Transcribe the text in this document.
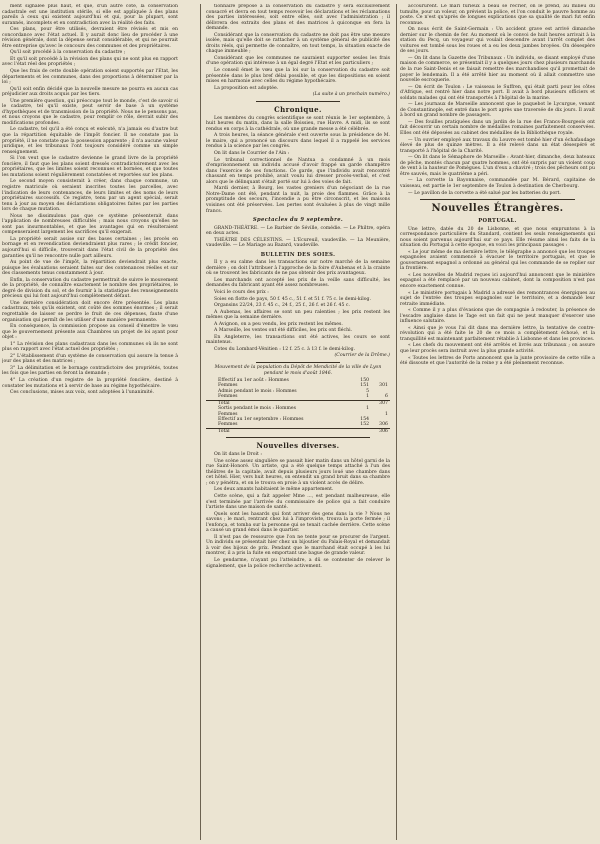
ment signalée plus haut, et que, d'un autre côté, la conservation cadastrale est une institution stérile, si elle est appliquée à des plans pareils à ceux qui existent aujourd'hui et qui, pour la plupart, sont surannés, incomplets et en contradiction avec la réalité des faits.

Ces plans, pour être utilisés, devraient être révisés et mis en concordance avec l'état actuel. Il y aurait donc lieu de procéder à une révision générale, dont la dépense serait considérable, et qui ne pourrait être entreprise qu'avec le concours des communes et des propriétaires.

Qu'il soit procédé à la conservation du cadastre ;

Et qu'il soit procédé à la révision des plans qui ne sont plus en rapport avec l'état réel des propriétés ;

Que les frais de cette double opération soient supportés par l'Etat, les départements et les communes, dans des proportions à déterminer par la loi ;

Qu'il soit enfin décidé que la nouvelle mesure ne pourra en aucun cas préjudicier aux droits acquis par les tiers.

Une première question, qui préoccupe tout le monde, c'est de savoir si le cadastre, tel qu'il existe, peut servir de base à un système d'hypothèques et de transmission de la propriété. Nous ne le pensons pas, et nous croyons que le cadastre, pour remplir ce rôle, devrait subir des modifications profondes.

Le cadastre, tel qu'il a été conçu et exécuté, n'a jamais eu d'autre but que la répartition équitable de l'impôt foncier. Il ne constate pas la propriété, il ne constate que la possession apparente ; il n'a aucune valeur juridique, et les tribunaux l'ont toujours considéré comme un simple renseignement.

Si l'on veut que le cadastre devienne le grand livre de la propriété foncière, il faut que les plans soient dressés contradictoirement avec les propriétaires, que les limites soient reconnues et bornées, et que toutes les mutations soient régulièrement constatées et reportées sur les plans.

Le second moyen consisterait à créer, dans chaque commune, un registre matricule où seraient inscrites toutes les parcelles, avec l'indication de leurs contenances, de leurs limites et des noms de leurs propriétaires successifs. Ce registre, tenu par un agent spécial, serait tenu à jour au moyen des déclarations obligatoires faites par les parties lors de chaque mutation.

Nous ne dissimulons pas que ce système présenterait dans l'application de nombreuses difficultés ; mais nous croyons qu'elles ne sont pas insurmontables, et que les avantages qui en résulteraient compenseraient largement les sacrifices qu'il exigerait.

La propriété serait assise sur des bases certaines ; les procès en bornage et en revendication deviendraient plus rares ; le crédit foncier, aujourd'hui si difficile, trouverait dans l'état civil de la propriété des garanties qu'il ne rencontre nulle part ailleurs.

Au point de vue de l'impôt, la répartition deviendrait plus exacte, puisque les évaluations seraient faites sur des contenances réelles et sur des classements tenus constamment à jour.

Enfin, la conservation du cadastre permettrait de suivre le mouvement de la propriété, de connaître exactement le nombre des propriétaires, le degré de division du sol, et de fournir à la statistique des renseignements précieux qui lui font aujourd'hui complètement défaut.

Une dernière considération doit encore être présentée. Les plans cadastraux, tels qu'ils existent, ont coûté des sommes énormes ; il serait regrettable de laisser se perdre le fruit de ces dépenses, faute d'une organisation qui permît de les utiliser d'une manière permanente.

En conséquence, la commission propose au conseil d'émettre le vœu que le gouvernement présente aux Chambres un projet de loi ayant pour objet :

1° La révision des plans cadastraux dans les communes où ils ne sont plus en rapport avec l'état actuel des propriétés ;

2° L'établissement d'un système de conservation qui assure la tenue à jour des plans et des matrices ;

3° La délimitation et le bornage contradictoire des propriétés, toutes les fois que les parties en feront la demande ;

4° La création d'un registre de la propriété foncière, destiné à constater les mutations et à servir de base au régime hypothécaire.

Ces conclusions, mises aux voix, sont adoptées à l'unanimité.

tionnaire préposé à la conservation du cadastre y sera exclusivement consacré et devra en tout temps recevoir les déclarations et les réclamations des parties intéressées, soit entre elles, soit avec l'administration ; il délivrera des extraits des plans et des matrices à quiconque en fera la demande.

Considérant que la conservation du cadastre ne doit pas être une mesure isolée, mais qu'elle doit se rattacher à un système général de publicité des droits réels, qui permette de connaître, en tout temps, la situation exacte de chaque immeuble ;

Considérant que les communes ne sauraient supporter seules les frais d'une opération qui intéresse à un égal degré l'Etat et les particuliers ;

Le conseil émet le vœu que la loi sur la conservation du cadastre soit présentée dans le plus bref délai possible, et que les dispositions en soient mises en harmonie avec celles du régime hypothécaire.

La proposition est adoptée.

(La suite à un prochain numéro.)
Chronique.

Les membres du congrès scientifique se sont réunis le 1er septembre, à huit heures du matin, dans la salle Boissieu, rue Havre. A midi, ils se sont rendus en corps à la cathédrale, où une grande messe a été célébrée.

A trois heures, la séance générale s'est ouverte sous la présidence de M. le maire, qui a prononcé un discours dans lequel il a rappelé les services rendus à la science par les congrès.

On lit dans le Courrier de l'Ain :

Le tribunal correctionnel de Nantua a condamné à un mois d'emprisonnement un individu accusé d'avoir frappé un garde champêtre dans l'exercice de ses fonctions. Ce garde, que l'individu avait rencontré chassant en temps prohibé, avait voulu lui dresser procès-verbal, et c'est alors que le délinquant s'était porté sur lui à des voies de fait.

Mardi dernier, à Bourg, les vastes greniers d'un négociant de la rue Notre-Dame ont été, pendant la nuit, la proie des flammes. Grâce à la promptitude des secours, l'incendie a pu être circonscrit, et les maisons voisines ont été préservées. Les pertes sont évaluées à plus de vingt mille francs.

Spectacles du 9 septembre.

GRAND-THÉÂTRE. — Le Barbier de Séville, comédie. — Le Philtre, opéra en deux actes.

THÉÂTRE DES CÉLESTINS. — L'Ecureuil, vaudeville. — La Meunière, vaudeville. — Le Mariage au Bazard, vaudeville.

BULLETIN DES SOIES.

Il y a eu calme dans les transactions sur notre marché de la semaine dernière ; on doit l'attribuer à l'approche de la foire d'Aubenas et à la crainte où se trouvent les fabricants de ne pas obtenir des prix avantageux.

Les marchands ont accepté les prix de la veille sans difficulté, les demandes du fabricant ayant été assez nombreuses.

Voici le cours des prix :

Soies en flotte de pays, 50 f. 45 c., 51 f. et 51 f. 75 c. le demi-kilog.

Organsins 22/24, 23 f. 45 c., 24 f., 25 f., 26 f. et 26 f. 45 c.

A Aubenas, les affaires se sont un peu ralenties ; les prix restent les mêmes que la semaine dernière.

A Avignon, on a peu vendu, les prix restent les mêmes.

A Marseille, les ventes ont été difficiles, les prix ont fléchi.

En Angleterre, les transactions ont été actives, les cours se sont maintenus.

Cotes du Lombard-Vénitien : 12 f. 25 c. à 13 f. le demi-kilog.

(Courrier de la Drôme.)
Mouvement de la population du Dépôt de Mendicité de la ville de Lyon pendant le mois d'août 1846.
Effectif au 1er août : Hommes	150	
Femmes	151	301
Admis pendant le mois : Hommes	5	
Femmes	1	6
Total		307
Sortis pendant le mois : Hommes	1	
Femmes		1
Effectif au 1er septembre : Hommes	154	
Femmes	152	306
Total		306
Nouvelles diverses.

On lit dans le Droit :

Une scène assez singulière se passait hier matin dans un hôtel garni de la rue Saint-Honoré. Un artiste, qui a été quelque temps attaché à l'un des théâtres de la capitale, avait depuis plusieurs jours loué une chambre dans cet hôtel. Hier, vers huit heures, on entendit un grand bruit dans sa chambre ; on y pénétra, et on le trouva en proie à un violent accès de délire.

Les deux amants habitaient le même appartement.

Cette scène, qui a fait appeler Mme ..., est pendant malheureuse, elle s'est terminée par l'arrivée du commissaire de police qui a fait conduire l'artiste dans une maison de santé.

Quels sont les hasards qui font arriver des gens dans la vie ? Nous ne savons ; le mari, rentrant chez lui à l'improviste, trouva la porte fermée ; il l'enfonça, et tomba sur la personne qui se tenait cachée derrière. Cette scène a causé un grand émoi dans le quartier.

Il n'est pas de ressource que l'on ne tente pour se procurer de l'argent. Un individu se présentait hier chez un bijoutier du Palais-Royal et demandait à voir des bijoux de prix. Pendant que le marchand était occupé à les lui montrer, il a pris la fuite en emportant une bague de grande valeur.

Le gendarme, n'ayant pu l'atteindre, a dû se contenter de relever le signalement, que la police recherche activement.

accoururent. Le mari furieux a beau se récrier, on le prend, au milieu du tumulte, pour un voleur, on prévient la police, et l'on conduit le pauvre homme au poste. Ce n'est qu'après de longues explications que sa qualité de mari fut enfin reconnue.

On nous écrit de Saint-Germain : Un accident grave est arrivé dimanche dernier sur le chemin de fer. Au moment où le convoi de huit heures arrivait à la station du Pecq, un voyageur qui voulait descendre avant l'arrêt complet des voitures est tombé sous les roues et a eu les deux jambes broyées. On désespère de ses jours.

— On lit dans la Gazette des Tribunaux : Un individu, se disant employé d'une maison de commerce, se présentait il y a quelques jours chez plusieurs marchands de la rue Saint-Denis et se faisait remettre des marchandises qu'il promettait de payer le lendemain. Il a été arrêté hier au moment où il allait commettre une nouvelle escroquerie.

— On écrit de Toulon : Le vaisseau le Suffren, qui était parti pour les côtes d'Afrique, est rentré hier dans notre port. Il avait à bord plusieurs officiers et soldats malades qui ont été transportés à l'hôpital de la marine.

— Les journaux de Marseille annoncent que le paquebot le Lycurgue, venant de Constantinople, est entré dans le port après une traversée de dix jours. Il avait à bord un grand nombre de passagers.

— Des fouilles pratiquées dans un jardin de la rue des Francs-Bourgeois ont fait découvrir un certain nombre de médailles romaines parfaitement conservées. Elles ont été déposées au cabinet des médailles de la Bibliothèque royale.

— Un ouvrier employé aux travaux du Louvre est tombé hier d'un échafaudage élevé de plus de quinze mètres. Il a été relevé dans un état désespéré et transporté à l'hôpital de la Charité.

— On lit dans le Sémaphore de Marseille : Avant-hier, dimanche, deux bateaux de pêche, montés chacun par quatre hommes, ont été surpris par un violent coup de vent à la hauteur de Pomègues. L'un d'eux a chaviré ; trois des pêcheurs ont pu être sauvés, mais le quatrième a péri.

— La corvette la Bayonnaise, commandée par M. Bérard, capitaine de vaisseau, est partie le 1er septembre de Toulon à destination de Cherbourg.

— Le pavillon de la corvette a été salué par les batteries du port.

Nouvelles Étrangères.
PORTUGAL.

Une lettre, datée du 20 de Lisbonne, et que nous empruntons à la correspondance particulière du Standard, contient les seuls renseignements qui nous soient parvenus aujourd'hui sur ce pays. Elle résume ainsi les faits de la situation du Portugal à cette époque, en voici les principaux passages :

« Le jour même de ma dernière lettre, le télégraphe a annoncé que les troupes espagnoles avaient commencé à évacuer le territoire portugais, et que le gouvernement espagnol a ordonné au général qui les commande de se replier sur la frontière.

« Les nouvelles de Madrid reçues ici aujourd'hui annoncent que le ministère espagnol a été remplacé par un nouveau cabinet, dont la composition n'est pas encore exactement connue.

« Le ministère portugais à Madrid a adressé des remontrances énergiques au sujet de l'entrée des troupes espagnoles sur le territoire, et a demandé leur retraite immédiate.

« Comme il y a plus d'évasions que de compagnie à redouter, la présence de l'escadre anglaise dans le Tage est un fait qui ne peut manquer d'exercer une influence salutaire.

« Ainsi que je vous l'ai dit dans ma dernière lettre, la tentative de contre-révolution qui a été faite le 20 de ce mois a complètement échoué, et la tranquillité est maintenant parfaitement rétablie à Lisbonne et dans les provinces.

« Les chefs du mouvement ont été arrêtés et livrés aux tribunaux ; on assure que leur procès sera instruit avec la plus grande activité.

« Toutes les lettres de Porto annoncent que la junte provisoire de cette ville a été dissoute et que l'autorité de la reine y a été pleinement reconnue.
